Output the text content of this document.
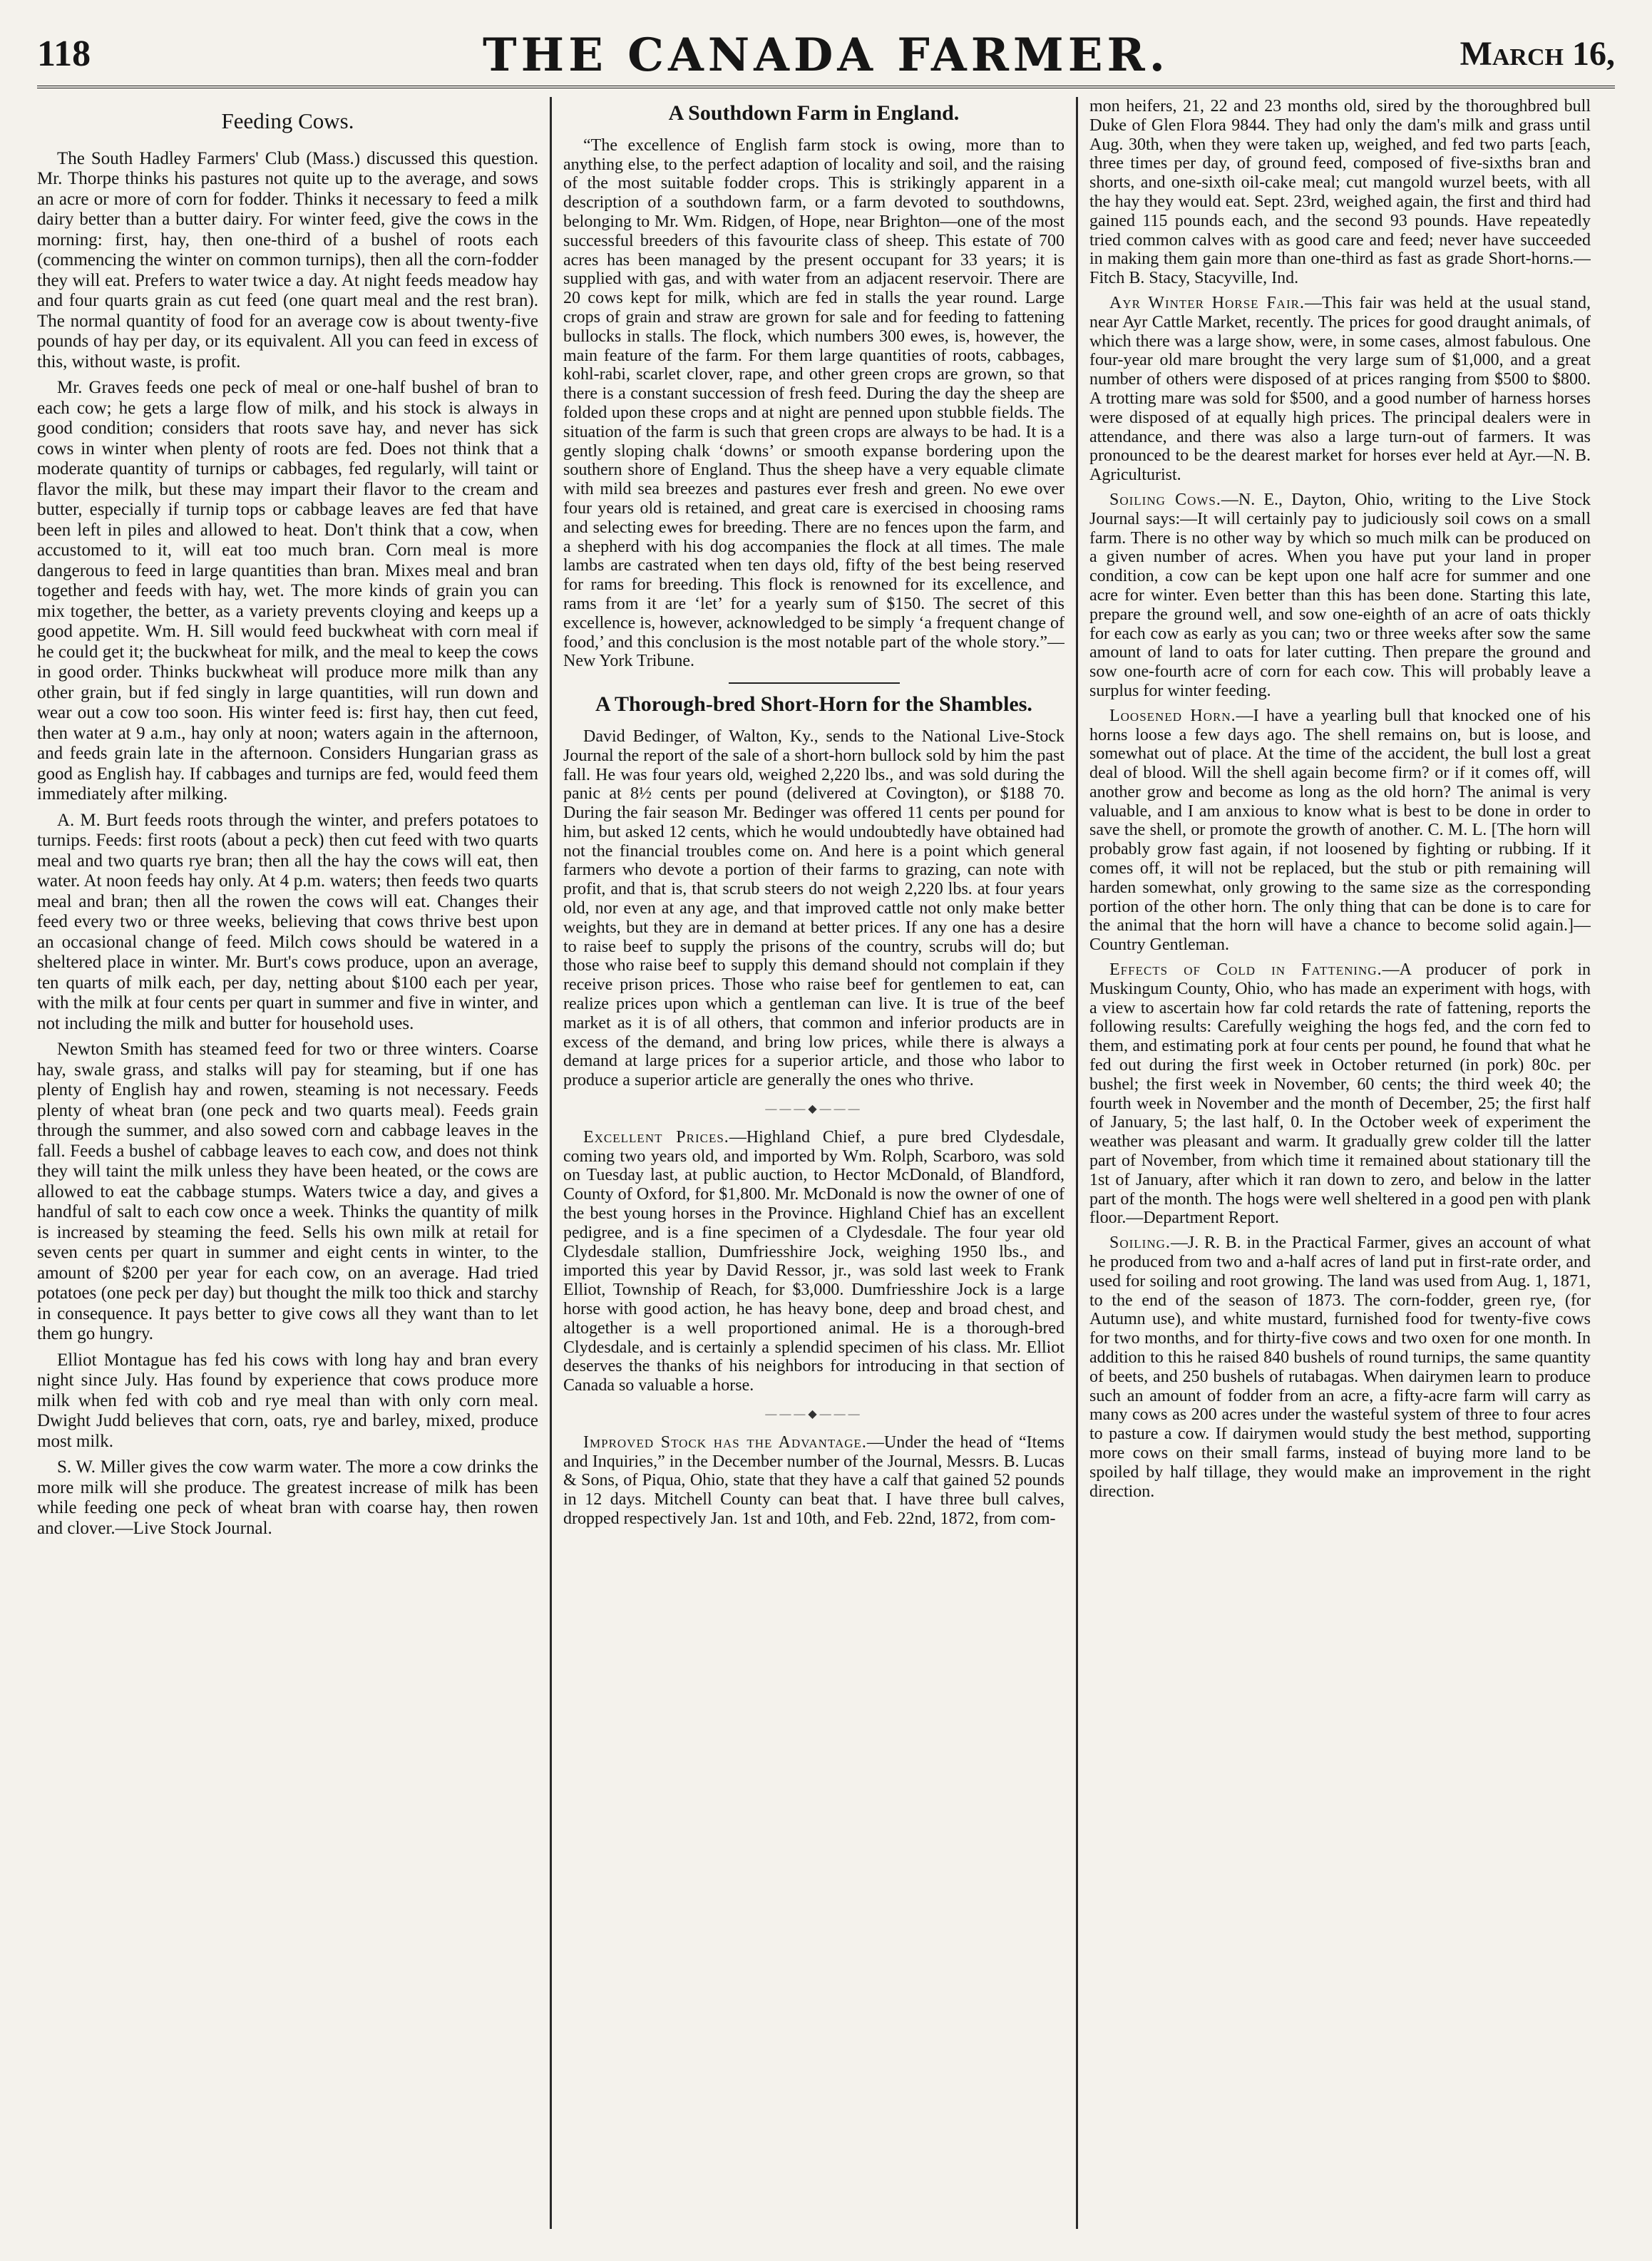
118	THE CANADA FARMER.	March 16,
Feeding Cows.

The South Hadley Farmers' Club (Mass.) discussed this question. Mr. Thorpe thinks his pastures not quite up to the average, and sows an acre or more of corn for fodder. Thinks it necessary to feed a milk dairy better than a butter dairy. For winter feed, give the cows in the morning: first, hay, then one-third of a bushel of roots each (commencing the winter on common turnips), then all the corn-fodder they will eat. Prefers to water twice a day. At night feeds meadow hay and four quarts grain as cut feed (one quart meal and the rest bran). The normal quantity of food for an average cow is about twenty-five pounds of hay per day, or its equivalent. All you can feed in excess of this, without waste, is profit.

Mr. Graves feeds one peck of meal or one-half bushel of bran to each cow; he gets a large flow of milk, and his stock is always in good condition; considers that roots save hay, and never has sick cows in winter when plenty of roots are fed. Does not think that a moderate quantity of turnips or cabbages, fed regularly, will taint or flavor the milk, but these may impart their flavor to the cream and butter, especially if turnip tops or cabbage leaves are fed that have been left in piles and allowed to heat. Don't think that a cow, when accustomed to it, will eat too much bran. Corn meal is more dangerous to feed in large quantities than bran. Mixes meal and bran together and feeds with hay, wet. The more kinds of grain you can mix together, the better, as a variety prevents cloying and keeps up a good appetite. Wm. H. Sill would feed buckwheat with corn meal if he could get it; the buckwheat for milk, and the meal to keep the cows in good order. Thinks buckwheat will produce more milk than any other grain, but if fed singly in large quantities, will run down and wear out a cow too soon. His winter feed is: first hay, then cut feed, then water at 9 a.m., hay only at noon; waters again in the afternoon, and feeds grain late in the afternoon. Considers Hungarian grass as good as English hay. If cabbages and turnips are fed, would feed them immediately after milking.

A. M. Burt feeds roots through the winter, and prefers potatoes to turnips. Feeds: first roots (about a peck) then cut feed with two quarts meal and two quarts rye bran; then all the hay the cows will eat, then water. At noon feeds hay only. At 4 p.m. waters; then feeds two quarts meal and bran; then all the rowen the cows will eat. Changes their feed every two or three weeks, believing that cows thrive best upon an occasional change of feed. Milch cows should be watered in a sheltered place in winter. Mr. Burt's cows produce, upon an average, ten quarts of milk each, per day, netting about $100 each per year, with the milk at four cents per quart in summer and five in winter, and not including the milk and butter for household uses.

Newton Smith has steamed feed for two or three winters. Coarse hay, swale grass, and stalks will pay for steaming, but if one has plenty of English hay and rowen, steaming is not necessary. Feeds plenty of wheat bran (one peck and two quarts meal). Feeds grain through the summer, and also sowed corn and cabbage leaves in the fall. Feeds a bushel of cabbage leaves to each cow, and does not think they will taint the milk unless they have been heated, or the cows are allowed to eat the cabbage stumps. Waters twice a day, and gives a handful of salt to each cow once a week. Thinks the quantity of milk is increased by steaming the feed. Sells his own milk at retail for seven cents per quart in summer and eight cents in winter, to the amount of $200 per year for each cow, on an average. Had tried potatoes (one peck per day) but thought the milk too thick and starchy in consequence. It pays better to give cows all they want than to let them go hungry.

Elliot Montague has fed his cows with long hay and bran every night since July. Has found by experience that cows produce more milk when fed with cob and rye meal than with only corn meal. Dwight Judd believes that corn, oats, rye and barley, mixed, produce most milk.

S. W. Miller gives the cow warm water. The more a cow drinks the more milk will she produce. The greatest increase of milk has been while feeding one peck of wheat bran with coarse hay, then rowen and clover.—Live Stock Journal.

A Southdown Farm in England.

“The excellence of English farm stock is owing, more than to anything else, to the perfect adaption of locality and soil, and the raising of the most suitable fodder crops. This is strikingly apparent in a description of a southdown farm, or a farm devoted to southdowns, belonging to Mr. Wm. Ridgen, of Hope, near Brighton—one of the most successful breeders of this favourite class of sheep. This estate of 700 acres has been managed by the present occupant for 33 years; it is supplied with gas, and with water from an adjacent reservoir. There are 20 cows kept for milk, which are fed in stalls the year round. Large crops of grain and straw are grown for sale and for feeding to fattening bullocks in stalls. The flock, which numbers 300 ewes, is, however, the main feature of the farm. For them large quantities of roots, cabbages, kohl-rabi, scarlet clover, rape, and other green crops are grown, so that there is a constant succession of fresh feed. During the day the sheep are folded upon these crops and at night are penned upon stubble fields. The situation of the farm is such that green crops are always to be had. It is a gently sloping chalk ‘downs’ or smooth expanse bordering upon the southern shore of England. Thus the sheep have a very equable climate with mild sea breezes and pastures ever fresh and green. No ewe over four years old is retained, and great care is exercised in choosing rams and selecting ewes for breeding. There are no fences upon the farm, and a shepherd with his dog accompanies the flock at all times. The male lambs are castrated when ten days old, fifty of the best being reserved for rams for breeding. This flock is renowned for its excellence, and rams from it are ‘let’ for a yearly sum of $150. The secret of this excellence is, however, acknowledged to be simply ‘a frequent change of food,’ and this conclusion is the most notable part of the whole story.”—New York Tribune.

A Thorough-bred Short-Horn for the Shambles.

David Bedinger, of Walton, Ky., sends to the National Live-Stock Journal the report of the sale of a short-horn bullock sold by him the past fall. He was four years old, weighed 2,220 lbs., and was sold during the panic at 8½ cents per pound (delivered at Covington), or $188 70. During the fair season Mr. Bedinger was offered 11 cents per pound for him, but asked 12 cents, which he would undoubtedly have obtained had not the financial troubles come on. And here is a point which general farmers who devote a portion of their farms to grazing, can note with profit, and that is, that scrub steers do not weigh 2,220 lbs. at four years old, nor even at any age, and that improved cattle not only make better weights, but they are in demand at better prices. If any one has a desire to raise beef to supply the prisons of the country, scrubs will do; but those who raise beef to supply this demand should not complain if they receive prison prices. Those who raise beef for gentlemen to eat, can realize prices upon which a gentleman can live. It is true of the beef market as it is of all others, that common and inferior products are in excess of the demand, and bring low prices, while there is always a demand at large prices for a superior article, and those who labor to produce a superior article are generally the ones who thrive.

———◆———

Excellent Prices.—Highland Chief, a pure bred Clydesdale, coming two years old, and imported by Wm. Rolph, Scarboro, was sold on Tuesday last, at public auction, to Hector McDonald, of Blandford, County of Oxford, for $1,800. Mr. McDonald is now the owner of one of the best young horses in the Province. Highland Chief has an excellent pedigree, and is a fine specimen of a Clydesdale. The four year old Clydesdale stallion, Dumfriesshire Jock, weighing 1950 lbs., and imported this year by David Ressor, jr., was sold last week to Frank Elliot, Township of Reach, for $3,000. Dumfriesshire Jock is a large horse with good action, he has heavy bone, deep and broad chest, and altogether is a well proportioned animal. He is a thorough-bred Clydesdale, and is certainly a splendid specimen of his class. Mr. Elliot deserves the thanks of his neighbors for introducing in that section of Canada so valuable a horse.

———◆———

Improved Stock has the Advantage.—Under the head of “Items and Inquiries,” in the December number of the Journal, Messrs. B. Lucas & Sons, of Piqua, Ohio, state that they have a calf that gained 52 pounds in 12 days. Mitchell County can beat that. I have three bull calves, dropped respectively Jan. 1st and 10th, and Feb. 22nd, 1872, from com-

mon heifers, 21, 22 and 23 months old, sired by the thoroughbred bull Duke of Glen Flora 9844. They had only the dam's milk and grass until Aug. 30th, when they were taken up, weighed, and fed two parts [each, three times per day, of ground feed, composed of five-sixths bran and shorts, and one-sixth oil-cake meal; cut mangold wurzel beets, with all the hay they would eat. Sept. 23rd, weighed again, the first and third had gained 115 pounds each, and the second 93 pounds. Have repeatedly tried common calves with as good care and feed; never have succeeded in making them gain more than one-third as fast as grade Short-horns.—Fitch B. Stacy, Stacyville, Ind.

Ayr Winter Horse Fair.—This fair was held at the usual stand, near Ayr Cattle Market, recently. The prices for good draught animals, of which there was a large show, were, in some cases, almost fabulous. One four-year old mare brought the very large sum of $1,000, and a great number of others were disposed of at prices ranging from $500 to $800. A trotting mare was sold for $500, and a good number of harness horses were disposed of at equally high prices. The principal dealers were in attendance, and there was also a large turn-out of farmers. It was pronounced to be the dearest market for horses ever held at Ayr.—N. B. Agriculturist.

Soiling Cows.—N. E., Dayton, Ohio, writing to the Live Stock Journal says:—It will certainly pay to judiciously soil cows on a small farm. There is no other way by which so much milk can be produced on a given number of acres. When you have put your land in proper condition, a cow can be kept upon one half acre for summer and one acre for winter. Even better than this has been done. Starting this late, prepare the ground well, and sow one-eighth of an acre of oats thickly for each cow as early as you can; two or three weeks after sow the same amount of land to oats for later cutting. Then prepare the ground and sow one-fourth acre of corn for each cow. This will probably leave a surplus for winter feeding.

Loosened Horn.—I have a yearling bull that knocked one of his horns loose a few days ago. The shell remains on, but is loose, and somewhat out of place. At the time of the accident, the bull lost a great deal of blood. Will the shell again become firm? or if it comes off, will another grow and become as long as the old horn? The animal is very valuable, and I am anxious to know what is best to be done in order to save the shell, or promote the growth of another. C. M. L. [The horn will probably grow fast again, if not loosened by fighting or rubbing. If it comes off, it will not be replaced, but the stub or pith remaining will harden somewhat, only growing to the same size as the corresponding portion of the other horn. The only thing that can be done is to care for the animal that the horn will have a chance to become solid again.]—Country Gentleman.

Effects of Cold in Fattening.—A producer of pork in Muskingum County, Ohio, who has made an experiment with hogs, with a view to ascertain how far cold retards the rate of fattening, reports the following results: Carefully weighing the hogs fed, and the corn fed to them, and estimating pork at four cents per pound, he found that what he fed out during the first week in October returned (in pork) 80c. per bushel; the first week in November, 60 cents; the third week 40; the fourth week in November and the month of December, 25; the first half of January, 5; the last half, 0. In the October week of experiment the weather was pleasant and warm. It gradually grew colder till the latter part of November, from which time it remained about stationary till the 1st of January, after which it ran down to zero, and below in the latter part of the month. The hogs were well sheltered in a good pen with plank floor.—Department Report.

Soiling.—J. R. B. in the Practical Farmer, gives an account of what he produced from two and a-half acres of land put in first-rate order, and used for soiling and root growing. The land was used from Aug. 1, 1871, to the end of the season of 1873. The corn-fodder, green rye, (for Autumn use), and white mustard, furnished food for twenty-five cows for two months, and for thirty-five cows and two oxen for one month. In addition to this he raised 840 bushels of round turnips, the same quantity of beets, and 250 bushels of rutabagas. When dairymen learn to produce such an amount of fodder from an acre, a fifty-acre farm will carry as many cows as 200 acres under the wasteful system of three to four acres to pasture a cow. If dairymen would study the best method, supporting more cows on their small farms, instead of buying more land to be spoiled by half tillage, they would make an improvement in the right direction.
